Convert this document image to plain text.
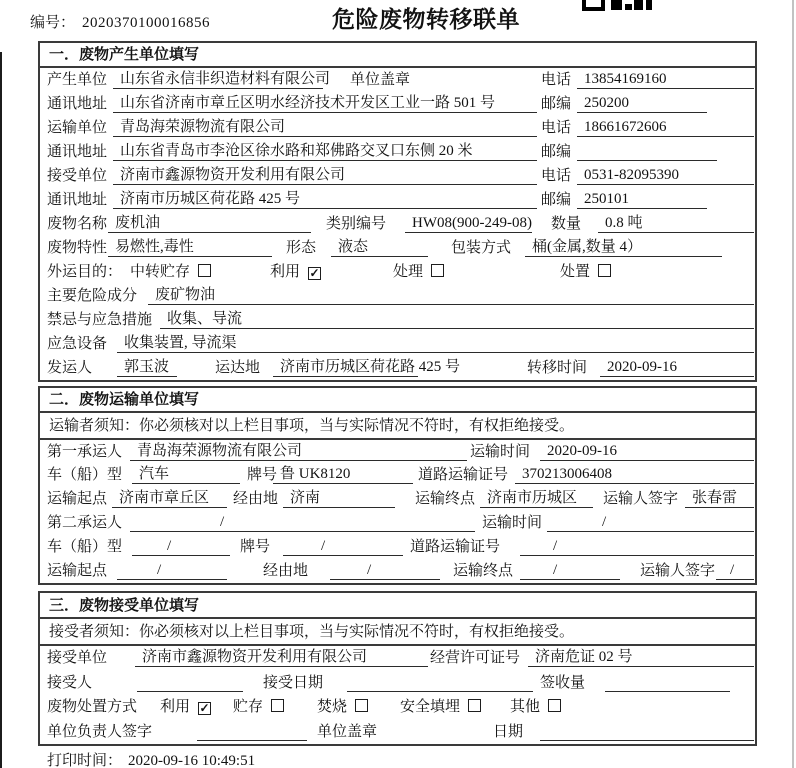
编号： 2020370100016856	危险废物转移联单
一．废物产生单位填写
产生单位 山东省永信非织造材料有限公司 单位盖章	电话 13854169160
通讯地址 山东省济南市章丘区明水经济技术开发区工业一路 501 号	邮编 250200
运输单位 青岛海荣源物流有限公司	电话 18661672606
通讯地址 山东省青岛市李沧区徐水路和郑佛路交叉口东侧 20 米	邮编
接受单位 济南市鑫源物资开发利用有限公司	电话 0531-82095390
通讯地址 济南市历城区荷花路 425 号	邮编 250101
废物名称 废机油	类别编号	HW08(900-249-08) 数量	0.8 吨
废物特性 易燃性,毒性	形态	液态	包装方式	桶(金属,数量 4）
外运目的： 中转贮存	利用 ✓	处理	处置
主要危险成分	废矿物油
禁忌与应急措施 收集、导流
应急设备	收集装置, 导流渠
发运人	郭玉波	运达地	济南市历城区荷花路 425 号	转移时间	2020-09-16
二．废物运输单位填写
运输者须知：你必须核对以上栏目事项，当与实际情况不符时，有权拒绝接受。
第一承运人 青岛海荣源物流有限公司	运输时间	2020-09-16
车（船）型	汽车	牌号 鲁 UK8120	道路运输证号 370213006408
运输起点 济南市章丘区	经由地 济南	运输终点 济南市历城区	运输人签字 张春雷
第二承运人	/	运输时间	/
车（船）型	/	牌号	/	道路运输证号	/
运输起点	/	经由地	/	运输终点	/	运输人签字 /
三．废物接受单位填写
接受者须知：你必须核对以上栏目事项，当与实际情况不符时，有权拒绝接受。
接受单位	济南市鑫源物资开发利用有限公司	经营许可证号 济南危证 02 号
接受人	接受日期	签收量
废物处置方式 利用 ✓ 贮存	焚烧	安全填埋	其他
单位负责人签字	单位盖章	日期
打印时间： 2020-09-16 10:49:51
